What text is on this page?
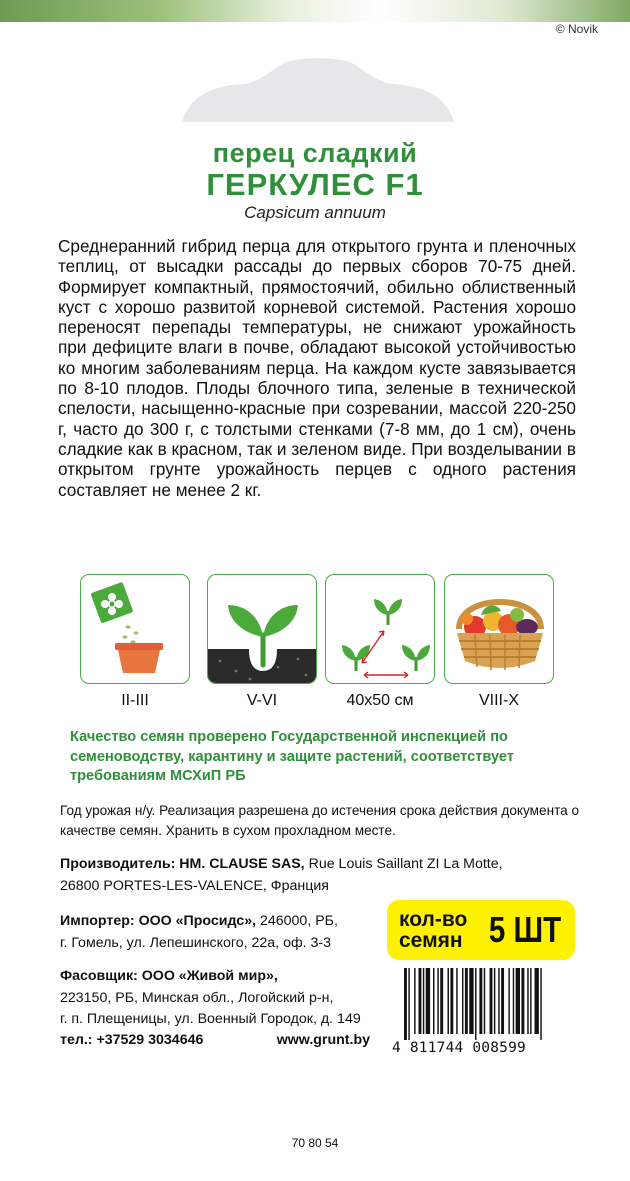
© Novik
перец сладкий
ГЕРКУЛЕС F1
Capsicum annuum
Среднеранний гибрид перца для открытого грунта и пленочных теплиц, от высадки рассады до первых сборов 70-75 дней. Формирует компактный, прямостоячий, обильно облиственный куст с хорошо развитой корневой системой. Растения хорошо переносят перепады температуры, не снижают урожайность при дефиците влаги в почве, обладают высокой устойчивостью ко многим заболеваниям перца. На каждом кусте завязывается по 8-10 плодов. Плоды блочного типа, зеленые в технической спелости, насыщенно-красные при созревании, массой 220-250 г, часто до 300 г, с толстыми стенками (7-8 мм, до 1 см), очень сладкие как в красном, так и зеленом виде. При возделывании в открытом грунте урожайность перцев с одного растения составляет не менее 2 кг.
II-III	V-VI	40x50 см	VIII-X
Качество семян проверено Государственной инспекцией по семеноводству, карантину и защите растений, соответствует требованиям МСХиП РБ
Год урожая н/у. Реализация разрешена до истечения срока действия документа о качестве семян. Хранить в сухом прохладном месте.
Производитель: HM. CLAUSE SAS, Rue Louis Saillant ZI La Motte,
26800 PORTES-LES-VALENCE, Франция
Импортер: ООО «Просидс», 246000, РБ,
г. Гомель, ул. Лепешинского, 22а, оф. 3-3
Фасовщик: ООО «Живой мир»,
223150, РБ, Минская обл., Логойский р-н,
г. п. Плещеницы, ул. Военный Городок, д. 149
тел.: +37529 3034646	www.grunt.by
кол-во
семян 5 ШТ
4 811744 008599
70 80 54
